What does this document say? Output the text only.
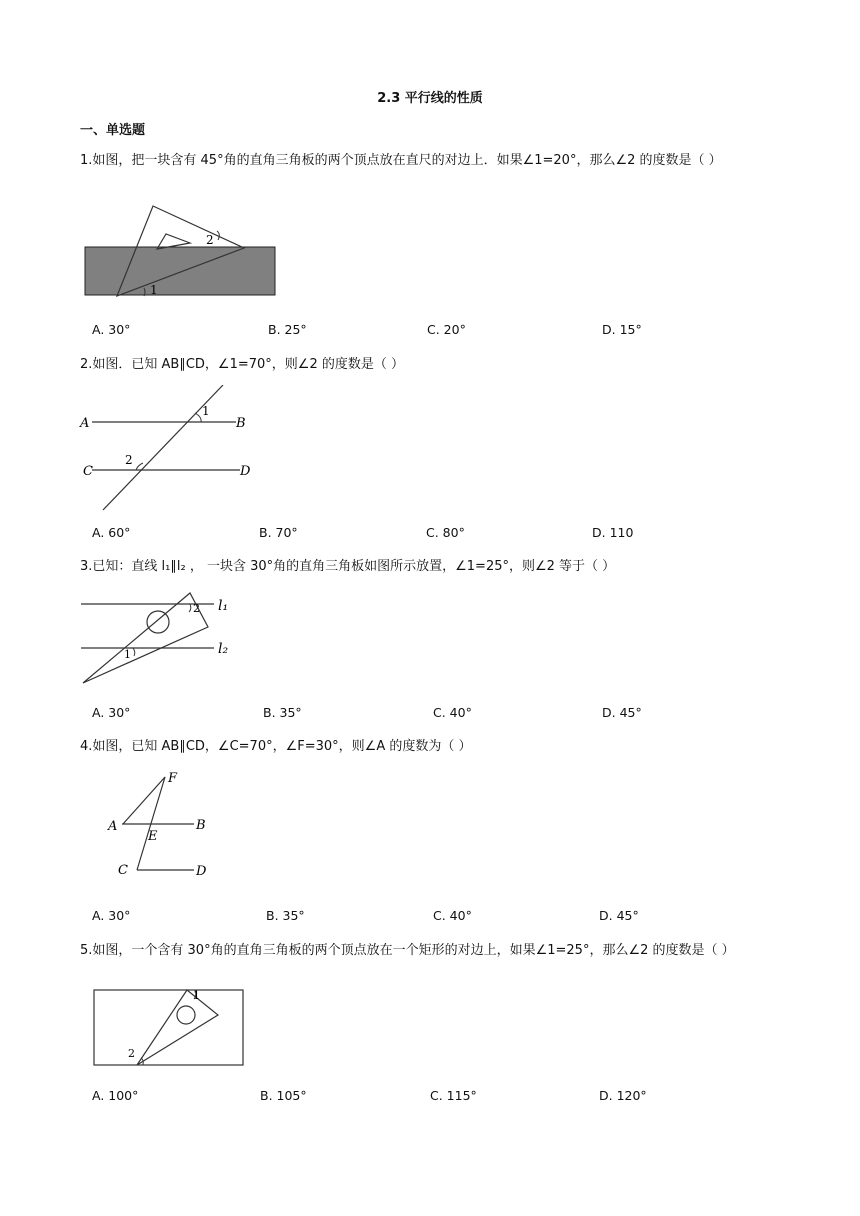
2.3 平行线的性质
一、单选题
1.如图，把一块含有 45°角的直角三角板的两个顶点放在直尺的对边上．如果∠1=20°，那么∠2 的度数是（ ）
2
1
A. 30°	B. 25°	C. 20°	D. 15°
2.如图．已知 AB∥CD，∠1=70°，则∠2 的度数是（ ）
A	B
C	D
1
2
A. 60°	B. 70°	C. 80°	D. 110
3.已知：直线 l₁∥l₂ ， 一块含 30°角的直角三角板如图所示放置，∠1=25°，则∠2 等于（ ）
l₁
l₂
1
2
A. 30°	B. 35°	C. 40°	D. 45°
4.如图，已知 AB∥CD，∠C=70°，∠F=30°，则∠A 的度数为（ ）
F
A	B
E
C	D
A. 30°	B. 35°	C. 40°	D. 45°
5.如图，一个含有 30°角的直角三角板的两个顶点放在一个矩形的对边上，如果∠1=25°，那么∠2 的度数是（ ）
1
2
A. 100°	B. 105°	C. 115°	D. 120°
